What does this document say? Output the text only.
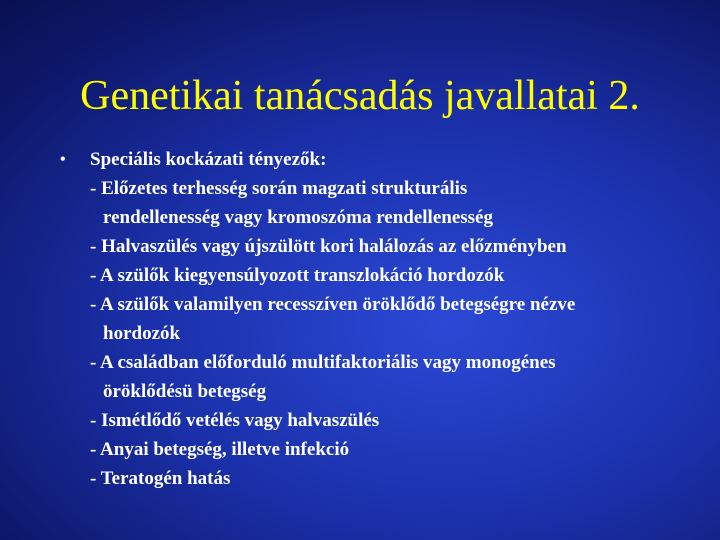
Genetikai tanácsadás javallatai 2.
• Speciális kockázati tényezők:
- Előzetes terhesség során magzati strukturális
rendellenesség vagy kromoszóma rendellenesség
- Halvaszülés vagy újszülött kori halálozás az előzményben
- A szülők kiegyensúlyozott transzlokáció hordozók
- A szülők valamilyen recesszíven öröklődő betegségre nézve
hordozók
- A családban előforduló multifaktoriális vagy monogénes
öröklődésü betegség
- Ismétlődő vetélés vagy halvaszülés
- Anyai betegség, illetve infekció
- Teratogén hatás
